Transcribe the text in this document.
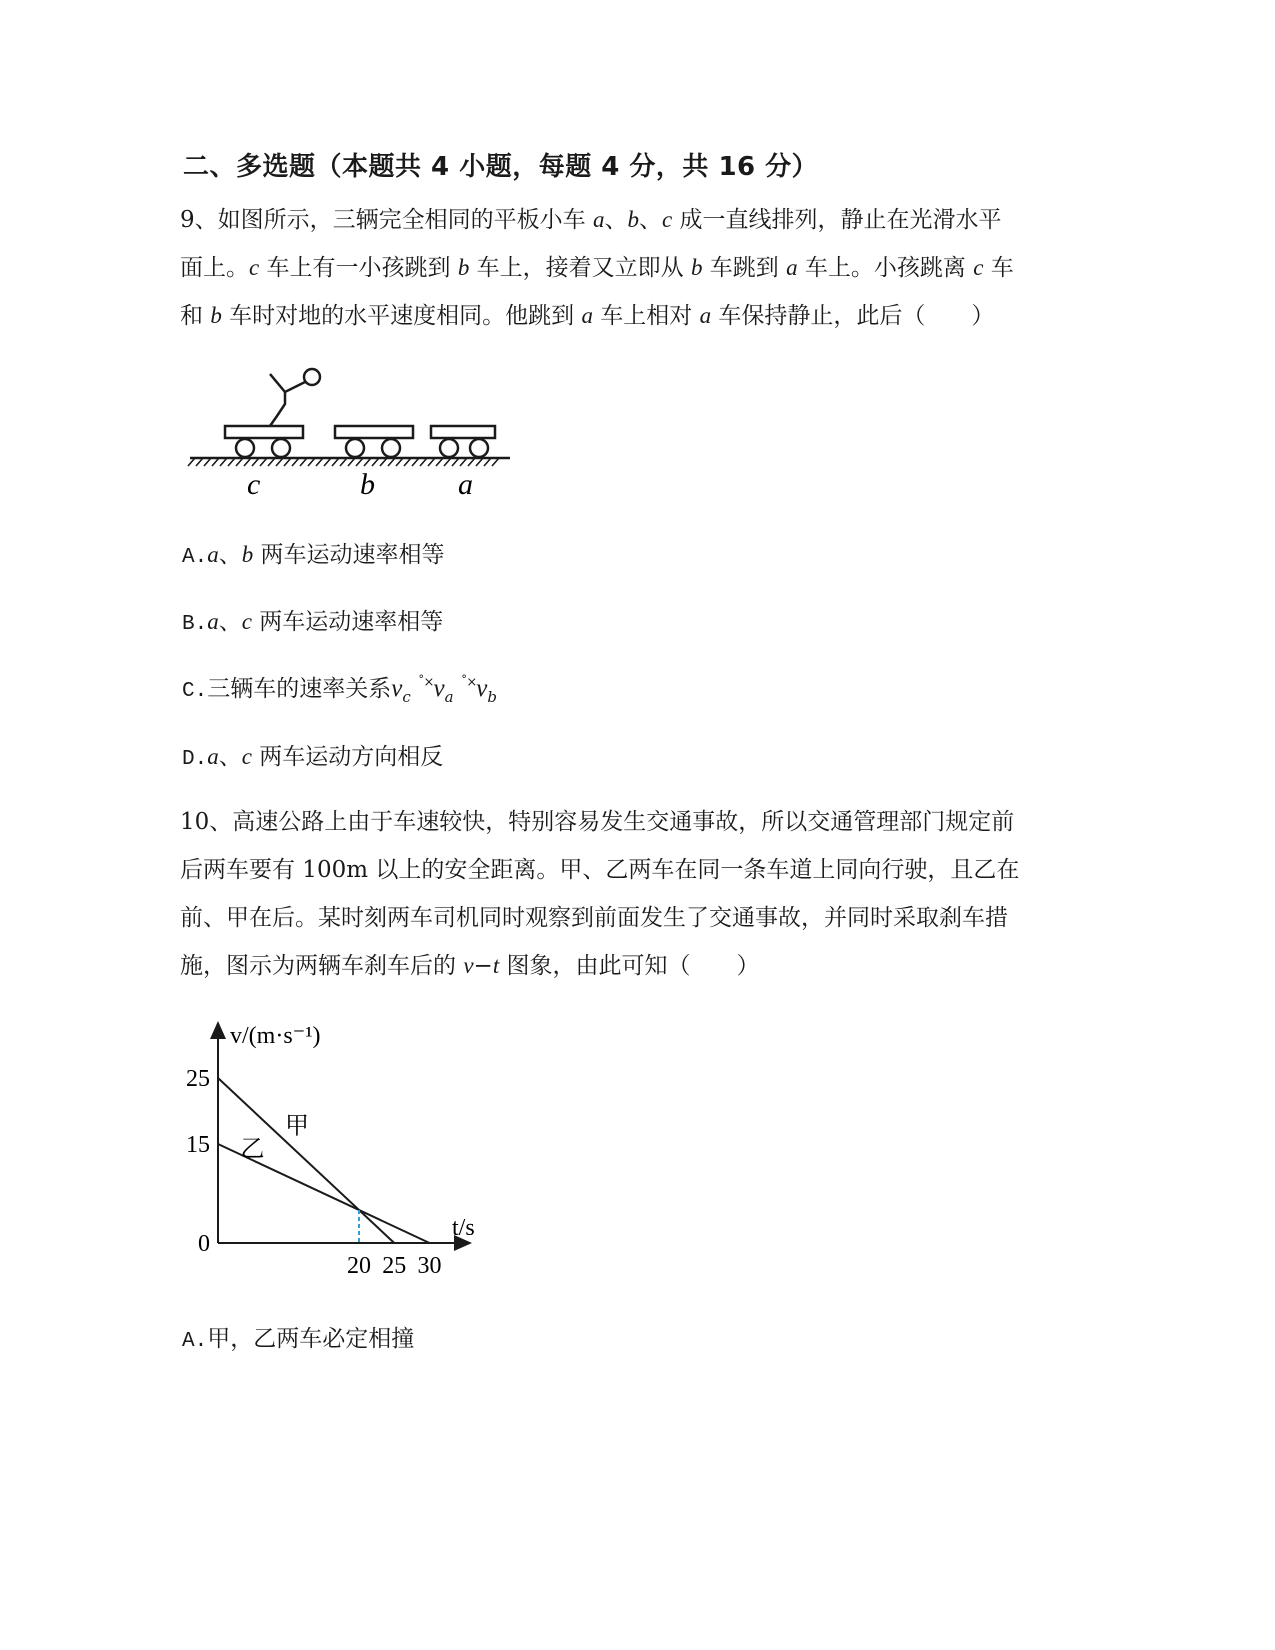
二、多选题（本题共 4 小题，每题 4 分，共 16 分）
9、如图所示，三辆完全相同的平板小车 a、b、c 成一直线排列，静止在光滑水平
面上。c 车上有一小孩跳到 b 车上，接着又立即从 b 车跳到 a 车上。小孩跳离 c 车
和 b 车时对地的水平速度相同。他跳到 a 车上相对 a 车保持静止，此后（　　）
c	b	a
A.a、b 两车运动速率相等
B.a、c 两车运动速率相等
C.三辆车的速率关系$v_c$ $^{˚\times}v_a$ $^{˚\times}v_b$
D.a、c 两车运动方向相反
10、高速公路上由于车速较快，特别容易发生交通事故，所以交通管理部门规定前
后两车要有 100m 以上的安全距离。甲、乙两车在同一条车道上同向行驶，且乙在
前、甲在后。某时刻两车司机同时观察到前面发生了交通事故，并同时采取刹车措
施，图示为两辆车刹车后的 v−t 图象，由此可知（　　）
v/(m·s⁻¹)
t/s
甲
乙
25
15
0
20 25 30
A.甲，乙两车必定相撞
